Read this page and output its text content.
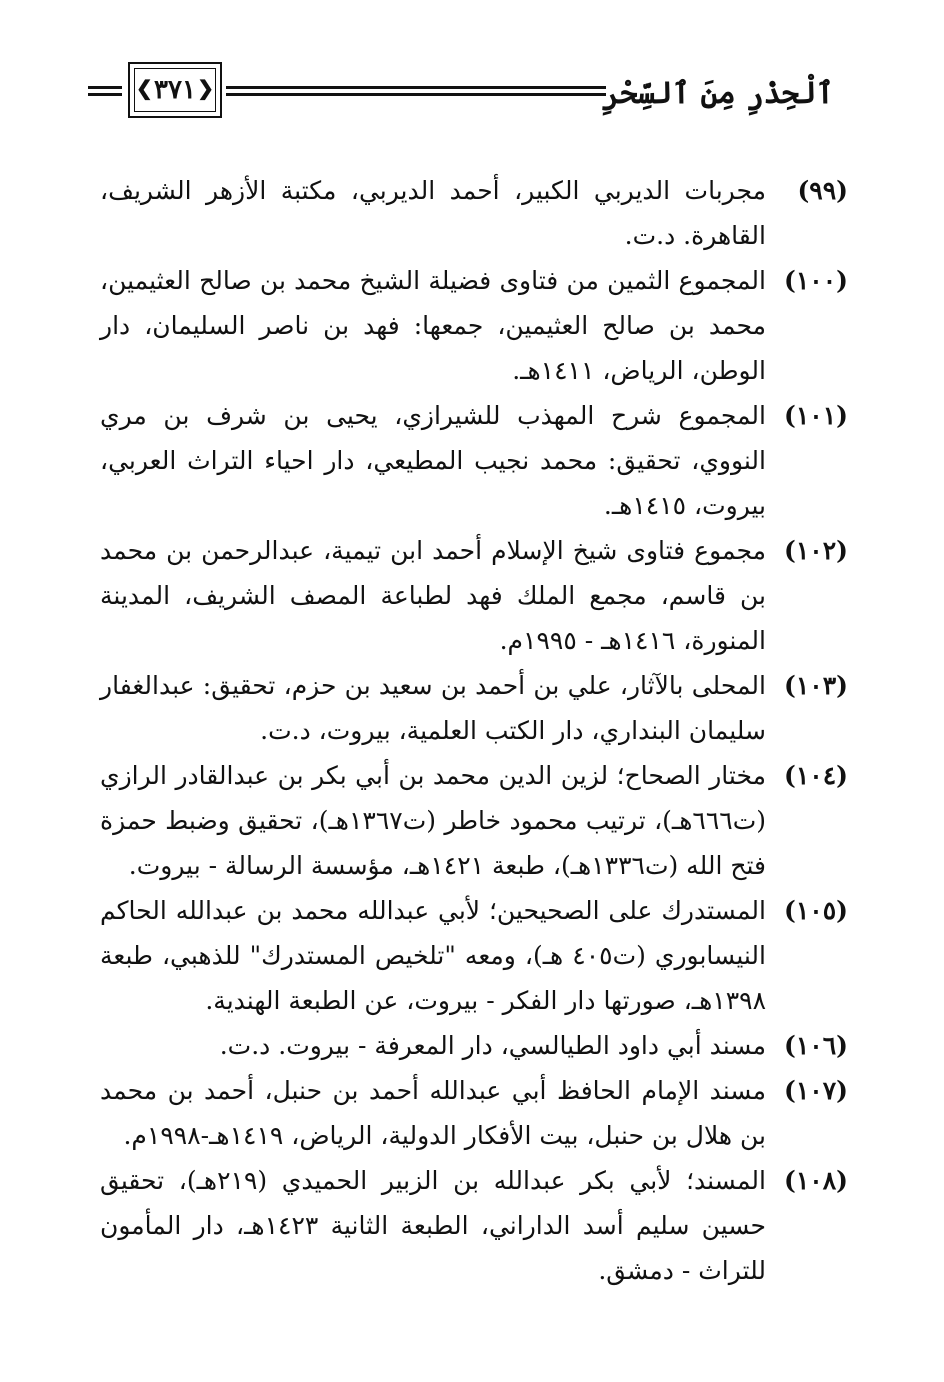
ٱلْحِذْرِ مِنَ ٱلسِّحْرِ
❯ ٣٧١ ❮
(٩٩)
مجربات الديربي الكبير، أحمد الديربي، مكتبة الأزهر الشريف، القاهرة. د.ت.
(١٠٠)
المجموع الثمين من فتاوى فضيلة الشيخ محمد بن صالح العثيمين، محمد بن صالح العثيمين، جمعها: فهد بن ناصر السليمان، دار الوطن، الرياض، ١٤١١هـ.
(١٠١)
المجموع شرح المهذب للشيرازي، يحيى بن شرف بن مري النووي، تحقيق: محمد نجيب المطيعي، دار احياء التراث العربي، بيروت، ١٤١٥هـ.
(١٠٢)
مجموع فتاوى شيخ الإسلام أحمد ابن تيمية، عبدالرحمن بن محمد بن قاسم، مجمع الملك فهد لطباعة المصف الشريف، المدينة المنورة، ١٤١٦هـ - ١٩٩٥م.
(١٠٣)
المحلى بالآثار، علي بن أحمد بن سعيد بن حزم، تحقيق: عبدالغفار سليمان البنداري، دار الكتب العلمية، بيروت، د.ت.
(١٠٤)
مختار الصحاح؛ لزين الدين محمد بن أبي بكر بن عبدالقادر الرازي (ت٦٦٦هـ)، ترتيب محمود خاطر (ت١٣٦٧هـ)، تحقيق وضبط حمزة فتح الله (ت١٣٣٦هـ)، طبعة ١٤٢١هـ، مؤسسة الرسالة - بيروت.
(١٠٥)
المستدرك على الصحيحين؛ لأبي عبدالله محمد بن عبدالله الحاكم النيسابوري (ت٤٠٥ هـ)، ومعه "تلخيص المستدرك" للذهبي، طبعة ١٣٩٨هـ، صورتها دار الفكر - بيروت، عن الطبعة الهندية.
(١٠٦)
مسند أبي داود الطيالسي، دار المعرفة - بيروت. د.ت.
(١٠٧)
مسند الإمام الحافظ أبي عبدالله أحمد بن حنبل، أحمد بن محمد بن هلال بن حنبل، بيت الأفكار الدولية، الرياض، ١٤١٩هـ-١٩٩٨م.
(١٠٨)
المسند؛ لأبي بكر عبدالله بن الزبير الحميدي (٢١٩هـ)، تحقيق حسين سليم أسد الداراني، الطبعة الثانية ١٤٢٣هـ، دار المأمون للتراث - دمشق.
